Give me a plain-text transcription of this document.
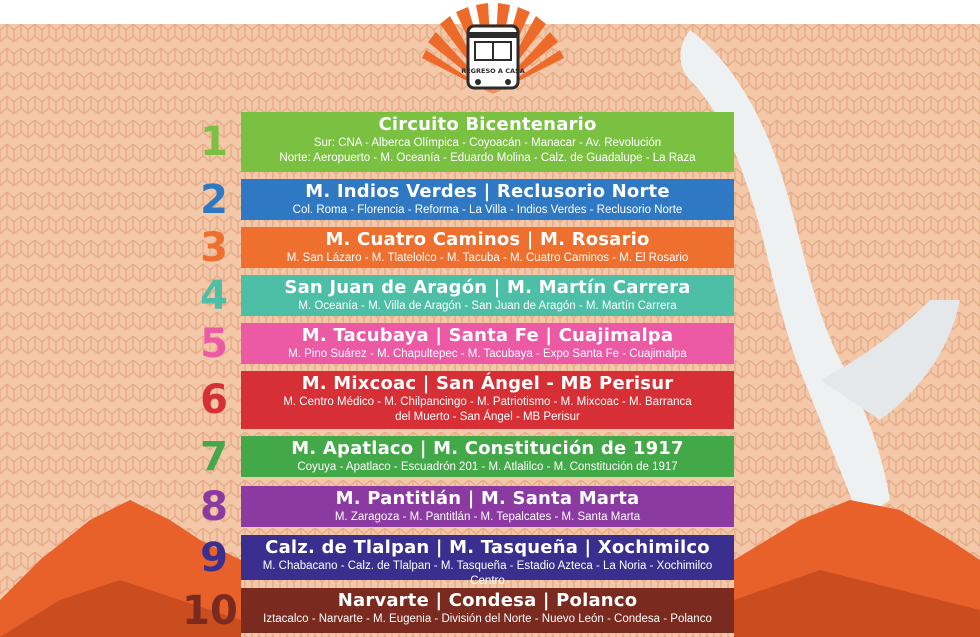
REGRESO A CASA
1	Circuito Bicentenario
Sur: CNA - Alberca Olímpica - Coyoacán - Manacar - Av. Revolución
Norte: Aeropuerto - M. Oceanía - Eduardo Molina - Calz. de Guadalupe - La Raza
2	M. Indios Verdes | Reclusorio Norte
Col. Roma - Florencia - Reforma - La Villa - Indios Verdes - Reclusorio Norte
3	M. Cuatro Caminos | M. Rosario
M. San Lázaro - M. Tlatelolco - M. Tacuba - M. Cuatro Caminos - M. El Rosario
4	San Juan de Aragón | M. Martín Carrera
M. Oceanía - M. Villa de Aragón - San Juan de Aragón - M. Martín Carrera
5	M. Tacubaya | Santa Fe | Cuajimalpa
M. Pino Suárez - M. Chapultepec - M. Tacubaya - Expo Santa Fe - Cuajimalpa
6	M. Mixcoac | San Ángel - MB Perisur
M. Centro Médico - M. Chilpancingo - M. Patriotismo - M. Mixcoac - M. Barranca
del Muerto - San Ángel - MB Perisur
7	M. Apatlaco | M. Constitución de 1917
Coyuya - Apatlaco - Escuadrón 201 - M. Atlalilco - M. Constitución de 1917
8	M. Pantitlán | M. Santa Marta
M. Zaragoza - M. Pantitlán - M. Tepalcates - M. Santa Marta
9	Calz. de Tlalpan | M. Tasqueña | Xochimilco
M. Chabacano - Calz. de Tlalpan - M. Tasqueña - Estadio Azteca - La Noria - Xochimilco Centro
10	Narvarte | Condesa | Polanco
Iztacalco - Narvarte - M. Eugenia - División del Norte - Nuevo León - Condesa - Polanco
